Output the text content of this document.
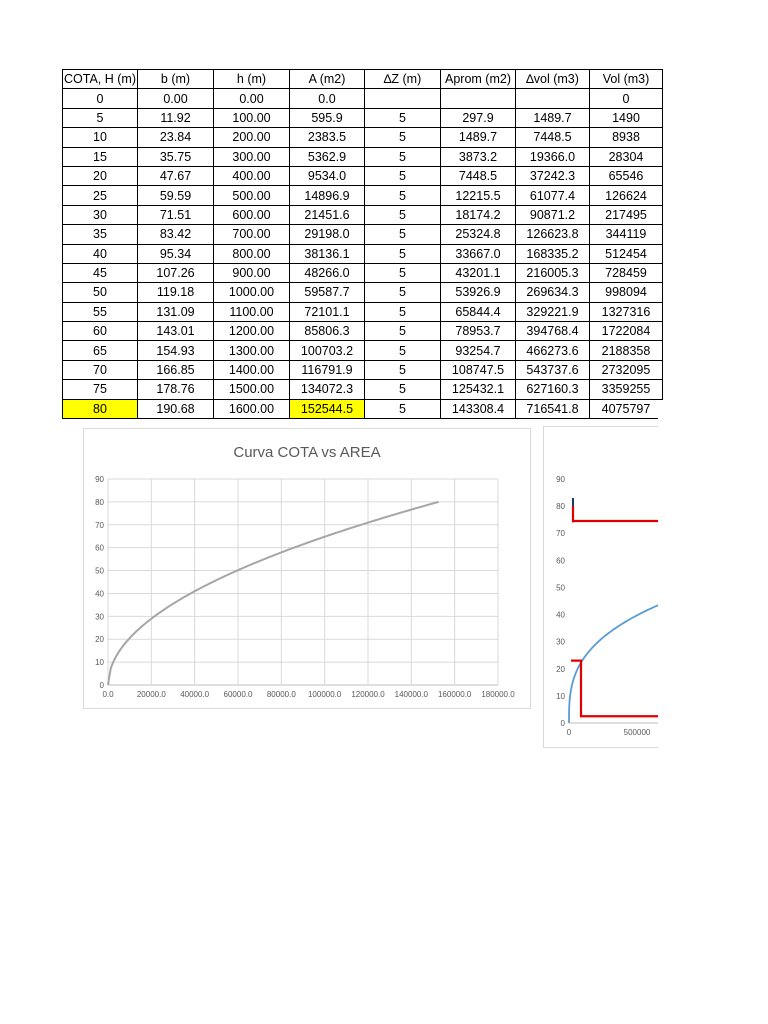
COTA, H (m)	b (m)	h (m)	A (m2)	∆Z (m)	Aprom (m2)	∆vol (m3)	Vol (m3)
0	0.00	0.00	0.0				0
5	11.92	100.00	595.9	5	297.9	1489.7	1490
10	23.84	200.00	2383.5	5	1489.7	7448.5	8938
15	35.75	300.00	5362.9	5	3873.2	19366.0	28304
20	47.67	400.00	9534.0	5	7448.5	37242.3	65546
25	59.59	500.00	14896.9	5	12215.5	61077.4	126624
30	71.51	600.00	21451.6	5	18174.2	90871.2	217495
35	83.42	700.00	29198.0	5	25324.8	126623.8	344119
40	95.34	800.00	38136.1	5	33667.0	168335.2	512454
45	107.26	900.00	48266.0	5	43201.1	216005.3	728459
50	119.18	1000.00	59587.7	5	53926.9	269634.3	998094
55	131.09	1100.00	72101.1	5	65844.4	329221.9	1327316
60	143.01	1200.00	85806.3	5	78953.7	394768.4	1722084
65	154.93	1300.00	100703.2	5	93254.7	466273.6	2188358
70	166.85	1400.00	116791.9	5	108747.5	543737.6	2732095
75	178.76	1500.00	134072.3	5	125432.1	627160.3	3359255
80	190.68	1600.00	152544.5	5	143308.4	716541.8	4075797
Curva COTA vs AREA
0
10
20
30
40
50
60
70
80
90
0.0	20000.0 40000.0 60000.0 80000.0 100000.0 120000.0 140000.0 160000.0 180000.0
0
10
20
30
40
50
60
70
80
90
0	500000
